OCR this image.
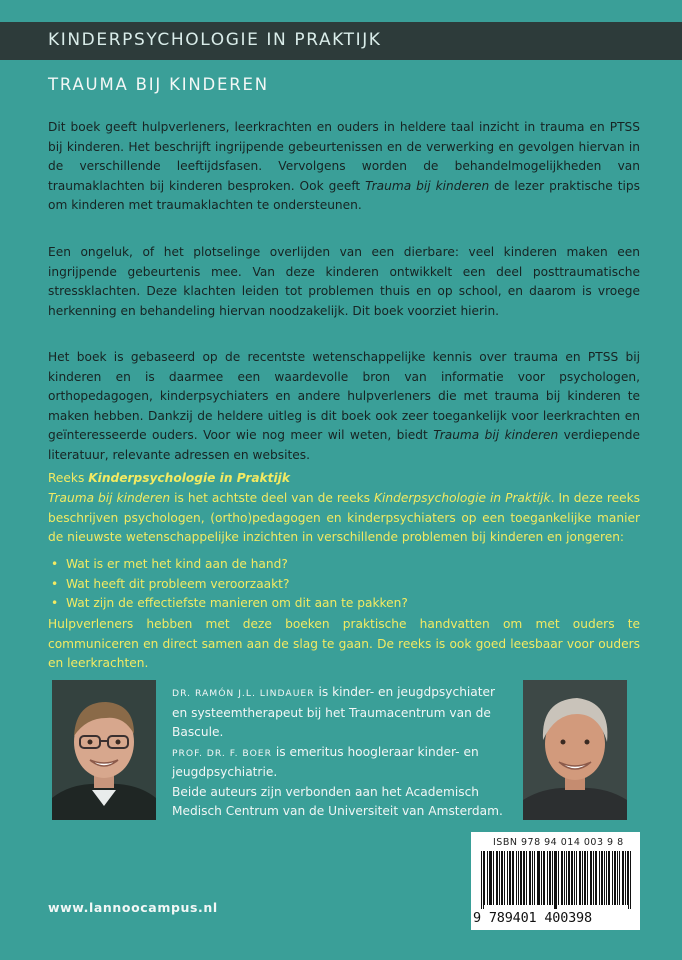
KINDERPSYCHOLOGIE IN PRAKTIJK
TRAUMA BIJ KINDEREN

Dit boek geeft hulpverleners, leerkrachten en ouders in heldere taal inzicht in trauma en PTSS bij kinderen. Het beschrijft ingrijpende gebeurtenissen en de verwerking en gevolgen hiervan in de verschillende leeftijdsfasen. Vervolgens worden de behandelmogelijkheden van traumaklachten bij kinderen besproken. Ook geeft Trauma bij kinderen de lezer praktische tips om kinderen met traumaklachten te ondersteunen.

Een ongeluk, of het plotselinge overlijden van een dierbare: veel kinderen maken een ingrijpende gebeurtenis mee. Van deze kinderen ontwikkelt een deel posttraumatische stressklachten. Deze klachten leiden tot problemen thuis en op school, en daarom is vroege herkenning en behandeling hiervan noodzakelijk. Dit boek voorziet hierin.

Het boek is gebaseerd op de recentste wetenschappelijke kennis over trauma en PTSS bij kinderen en is daarmee een waardevolle bron van informatie voor psychologen, orthopedagogen, kinderpsychiaters en andere hulpverleners die met trauma bij kinderen te maken hebben. Dankzij de heldere uitleg is dit boek ook zeer toegankelijk voor leerkrachten en geïnteresseerde ouders. Voor wie nog meer wil weten, biedt Trauma bij kinderen verdiepende literatuur, relevante adressen en websites.

Reeks Kinderpsychologie in Praktijk

Trauma bij kinderen is het achtste deel van de reeks Kinderpsychologie in Praktijk. In deze reeks beschrijven psychologen, (ortho)pedagogen en kinderpsychiaters op een toegankelijke manier de nieuwste wetenschappelijke inzichten in verschillende problemen bij kinderen en jongeren:

• Wat is er met het kind aan de hand?
• Wat heeft dit probleem veroorzaakt?
• Wat zijn de effectiefste manieren om dit aan te pakken?

Hulpverleners hebben met deze boeken praktische handvatten om met ouders te communiceren en direct samen aan de slag te gaan. De reeks is ook goed leesbaar voor ouders en leerkrachten.

DR. RAMÓN J.L. LINDAUER is kinder- en jeugdpsychiater en systeemtherapeut bij het Traumacentrum van de Bascule.
PROF. DR. F. BOER is emeritus hoogleraar kinder- en jeugdpsychiatrie.
Beide auteurs zijn verbonden aan het Academisch Medisch Centrum van de Universiteit van Amsterdam.

www.lannoocampus.nl
ISBN 978 94 014 003 9 8
9 789401 400398
